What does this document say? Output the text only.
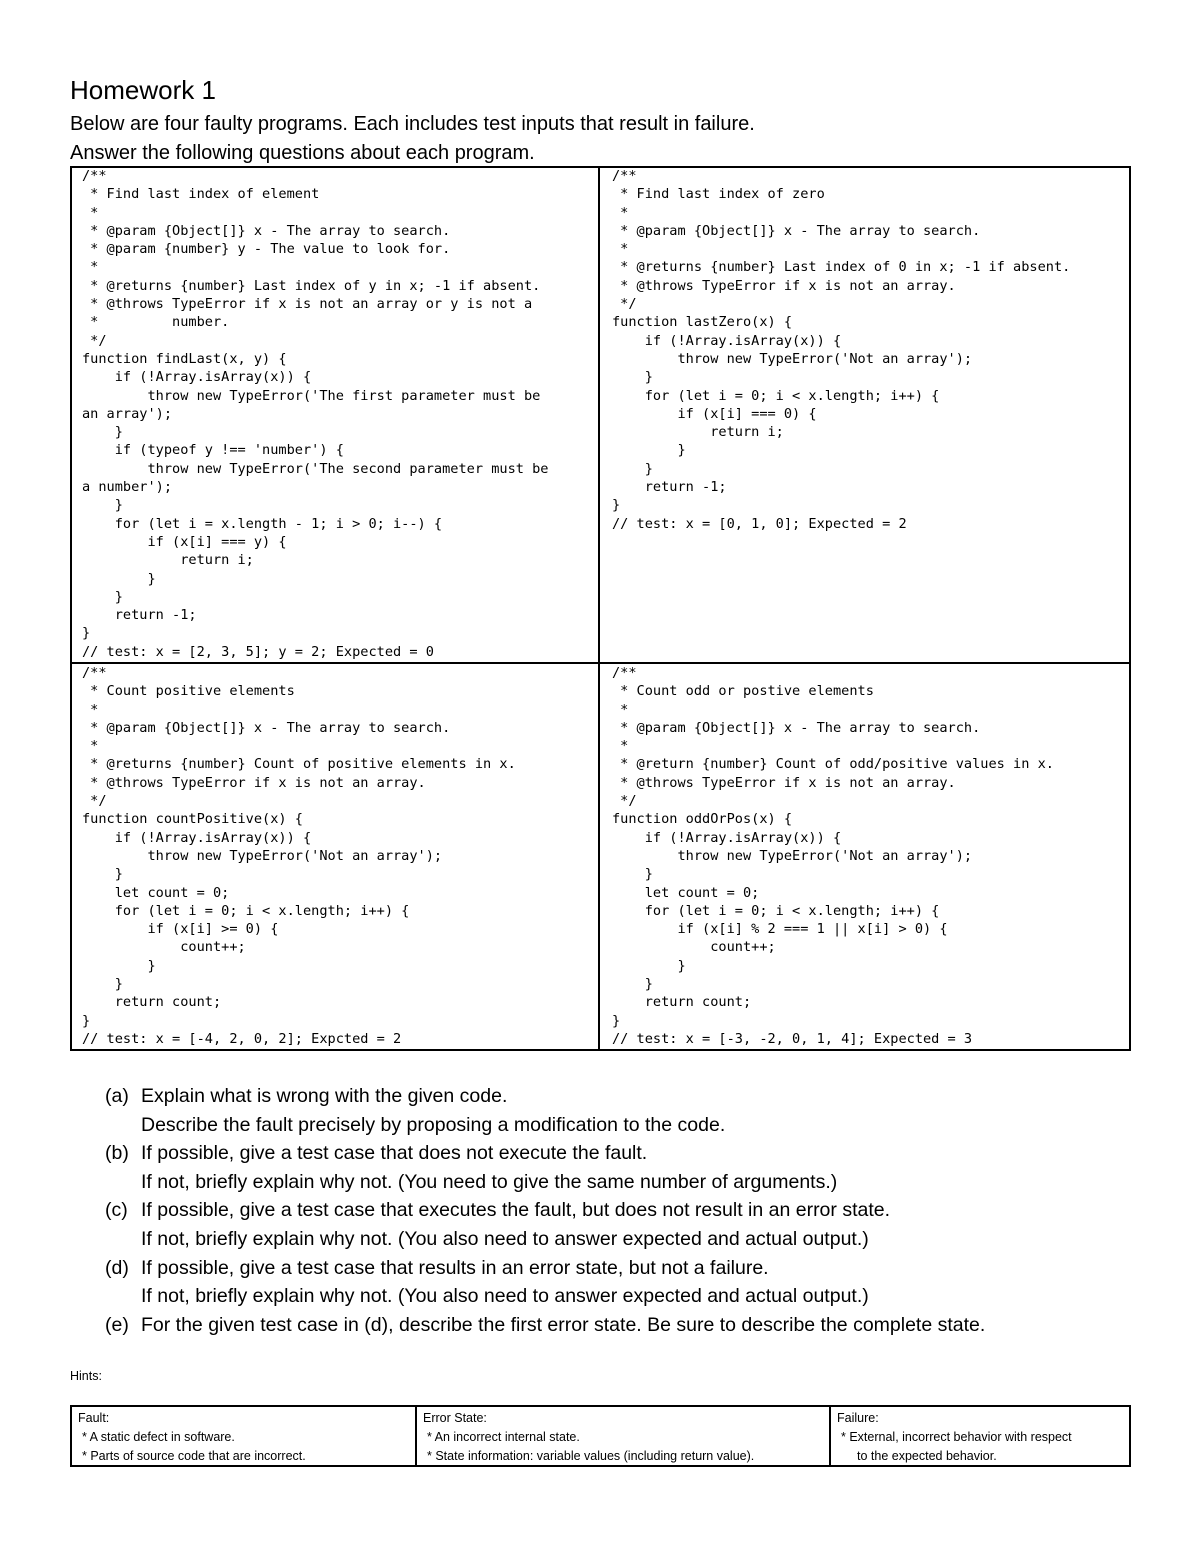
Homework 1
Below are four faulty programs. Each includes test inputs that result in failure.
Answer the following questions about each program.
/**
* Find last index of element
*
* @param {Object[]} x - The array to search.
* @param {number} y - The value to look for.
*
* @returns {number} Last index of y in x; -1 if absent.
* @throws TypeError if x is not an array or y is not a
*         number.
*/
function findLast(x, y) {
if (!Array.isArray(x)) {
throw new TypeError('The first parameter must be
an array');
}
if (typeof y !== 'number') {
throw new TypeError('The second parameter must be
a number');
}
for (let i = x.length - 1; i > 0; i--) {
if (x[i] === y) {
return i;
}
}
return -1;
}
// test: x = [2, 3, 5]; y = 2; Expected = 0
/**
* Find last index of zero
*
* @param {Object[]} x - The array to search.
*
* @returns {number} Last index of 0 in x; -1 if absent.
* @throws TypeError if x is not an array.
*/
function lastZero(x) {
if (!Array.isArray(x)) {
throw new TypeError('Not an array');
}
for (let i = 0; i < x.length; i++) {
if (x[i] === 0) {
return i;
}
}
return -1;
}
// test: x = [0, 1, 0]; Expected = 2
/**
* Count positive elements
*
* @param {Object[]} x - The array to search.
*
* @returns {number} Count of positive elements in x.
* @throws TypeError if x is not an array.
*/
function countPositive(x) {
if (!Array.isArray(x)) {
throw new TypeError('Not an array');
}
let count = 0;
for (let i = 0; i < x.length; i++) {
if (x[i] >= 0) {
count++;
}
}
return count;
}
// test: x = [-4, 2, 0, 2]; Expcted = 2
/**
* Count odd or postive elements
*
* @param {Object[]} x - The array to search.
*
* @return {number} Count of odd/positive values in x.
* @throws TypeError if x is not an array.
*/
function oddOrPos(x) {
if (!Array.isArray(x)) {
throw new TypeError('Not an array');
}
let count = 0;
for (let i = 0; i < x.length; i++) {
if (x[i] % 2 === 1 || x[i] > 0) {
count++;
}
}
return count;
}
// test: x = [-3, -2, 0, 1, 4]; Expected = 3
(a) Explain what is wrong with the given code.
Describe the fault precisely by proposing a modification to the code.
(b) If possible, give a test case that does not execute the fault.
If not, briefly explain why not. (You need to give the same number of arguments.)
(c) If possible, give a test case that executes the fault, but does not result in an error state.
If not, briefly explain why not. (You also need to answer expected and actual output.)
(d) If possible, give a test case that results in an error state, but not a failure.
If not, briefly explain why not. (You also need to answer expected and actual output.)
(e) For the given test case in (d), describe the first error state. Be sure to describe the complete state.
Hints:
Fault:
* A static defect in software.
* Parts of source code that are incorrect.
Error State:
* An incorrect internal state.
* State information: variable values (including return value).
Failure:
* External, incorrect behavior with respect
to the expected behavior.
